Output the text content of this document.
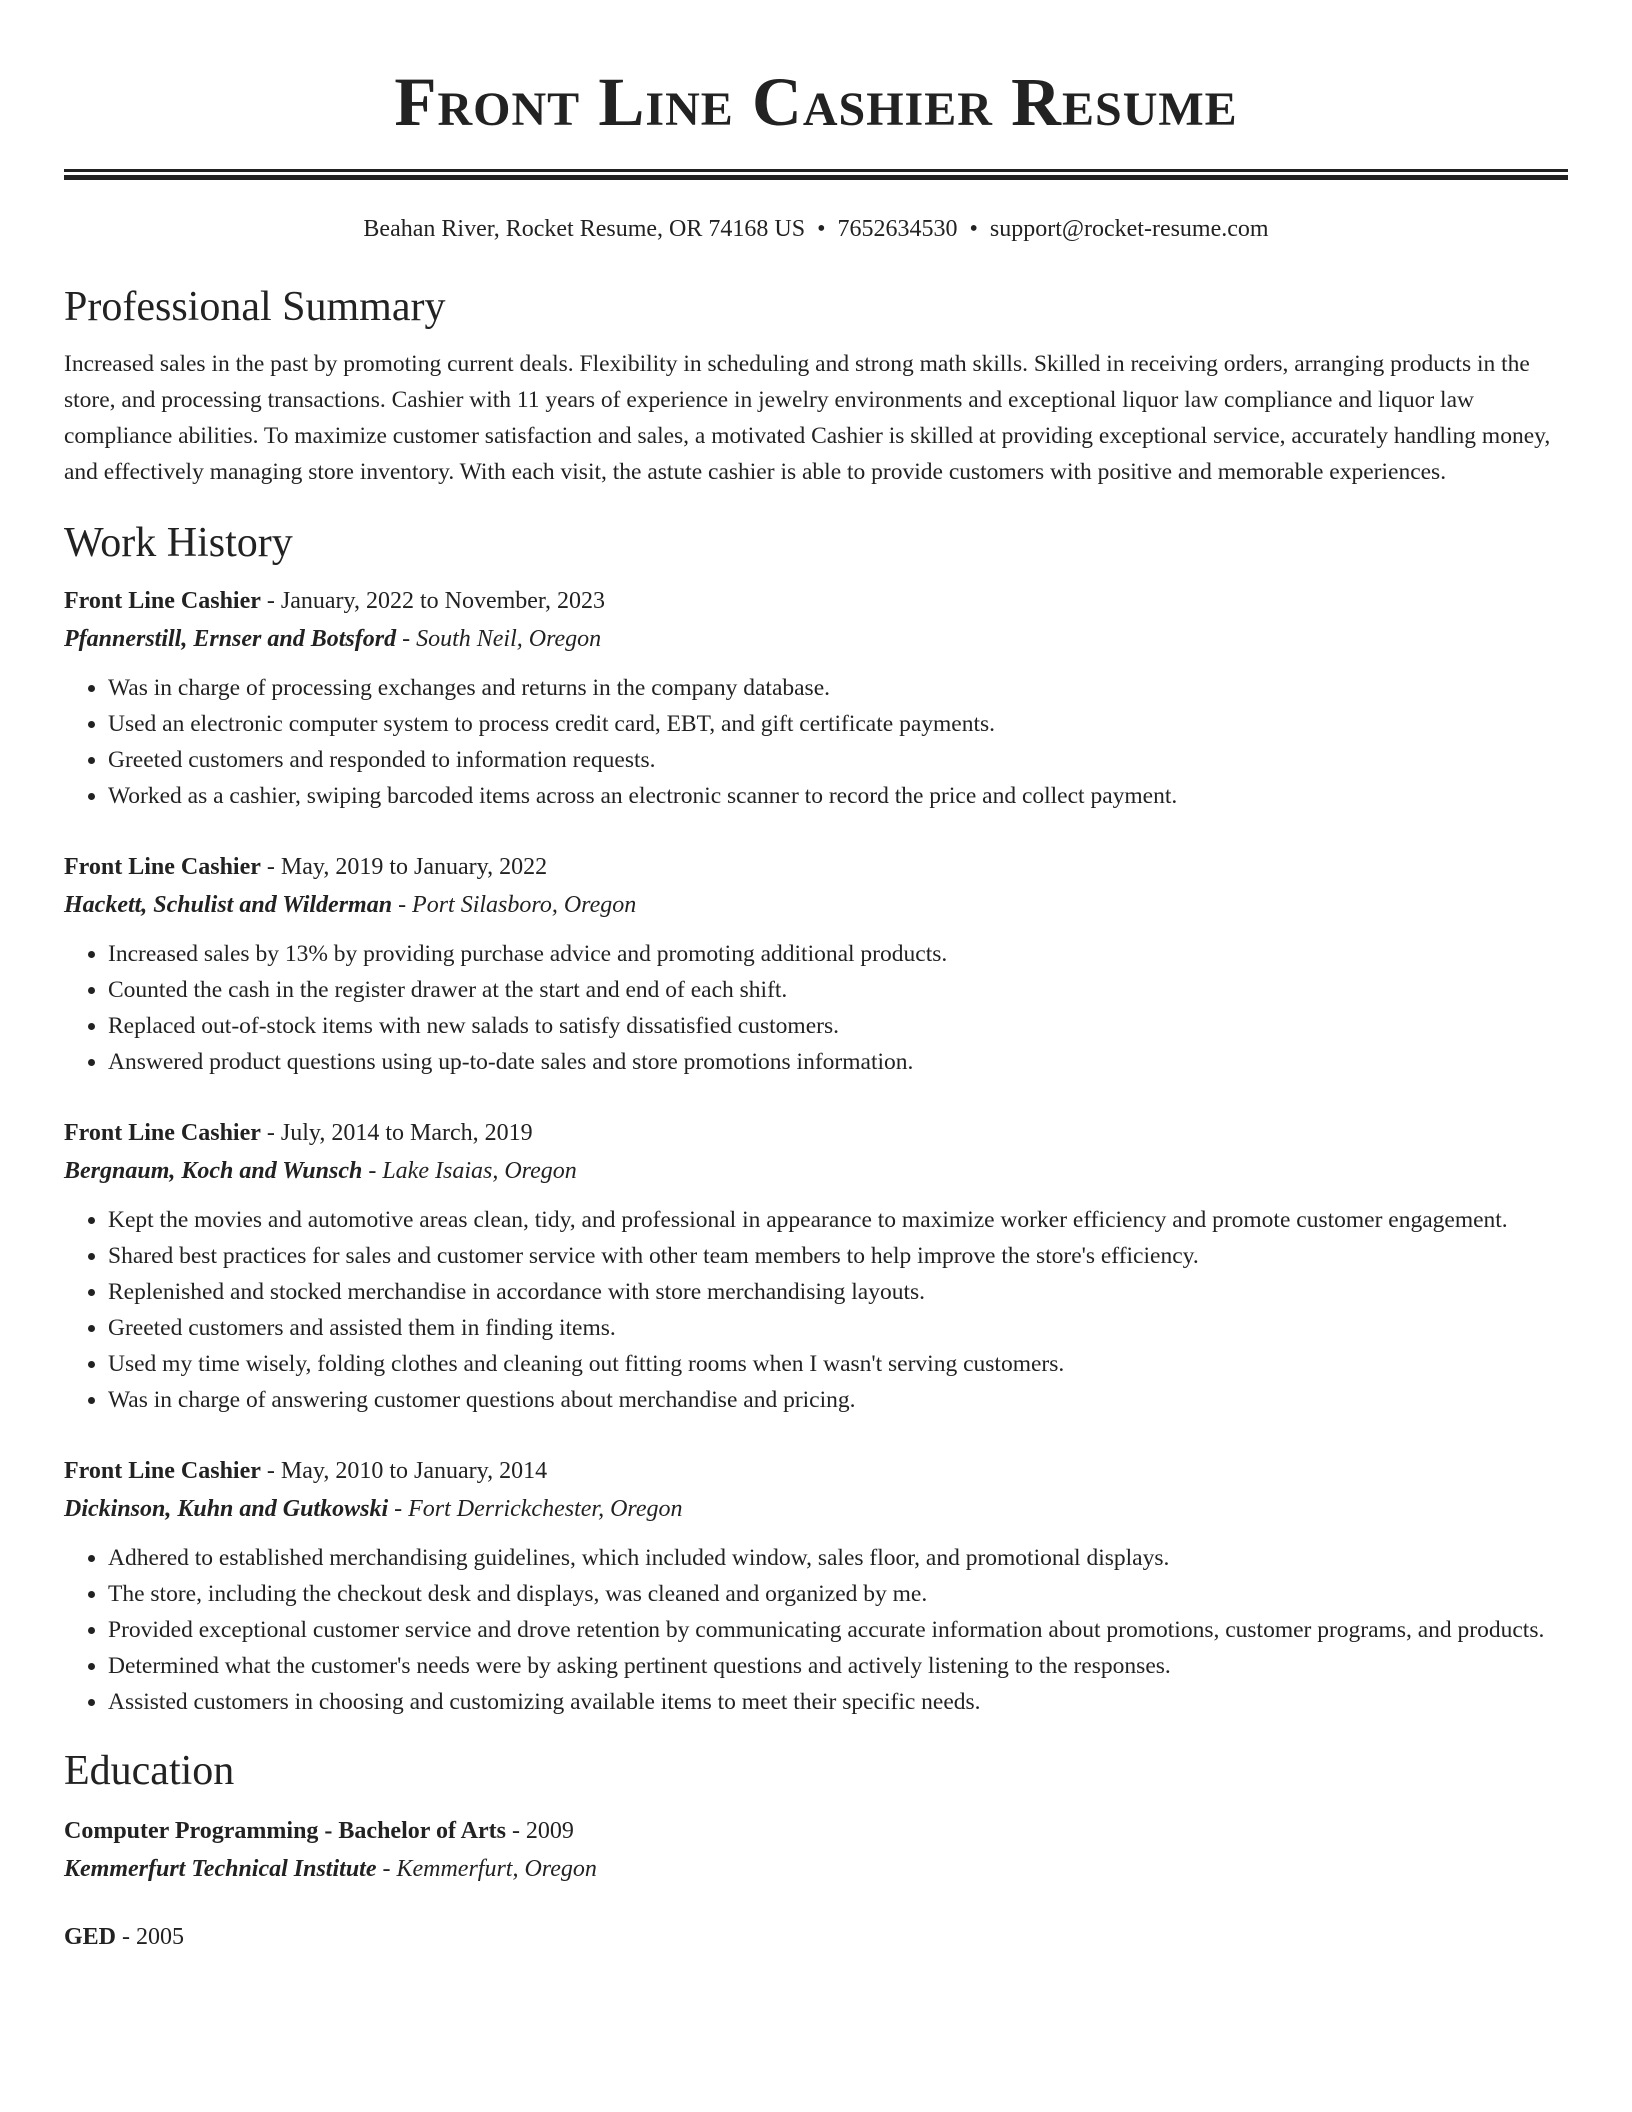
Front Line Cashier Resume
Beahan River, Rocket Resume, OR 74168 US • 7652634530 • support@rocket-resume.com
Professional Summary

Increased sales in the past by promoting current deals. Flexibility in scheduling and strong math skills. Skilled in receiving orders, arranging products in the store, and processing transactions. Cashier with 11 years of experience in jewelry environments and exceptional liquor law compliance and liquor law compliance abilities. To maximize customer satisfaction and sales, a motivated Cashier is skilled at providing exceptional service, accurately handling money, and effectively managing store inventory. With each visit, the astute cashier is able to provide customers with positive and memorable experiences.

Work History
Front Line Cashier - January, 2022 to November, 2023
Pfannerstill, Ernser and Botsford - South Neil, Oregon
• Was in charge of processing exchanges and returns in the company database.
• Used an electronic computer system to process credit card, EBT, and gift certificate payments.
• Greeted customers and responded to information requests.
• Worked as a cashier, swiping barcoded items across an electronic scanner to record the price and collect payment.
Front Line Cashier - May, 2019 to January, 2022
Hackett, Schulist and Wilderman - Port Silasboro, Oregon
• Increased sales by 13% by providing purchase advice and promoting additional products.
• Counted the cash in the register drawer at the start and end of each shift.
• Replaced out-of-stock items with new salads to satisfy dissatisfied customers.
• Answered product questions using up-to-date sales and store promotions information.
Front Line Cashier - July, 2014 to March, 2019
Bergnaum, Koch and Wunsch - Lake Isaias, Oregon
• Kept the movies and automotive areas clean, tidy, and professional in appearance to maximize worker efficiency and promote customer engagement.
• Shared best practices for sales and customer service with other team members to help improve the store's efficiency.
• Replenished and stocked merchandise in accordance with store merchandising layouts.
• Greeted customers and assisted them in finding items.
• Used my time wisely, folding clothes and cleaning out fitting rooms when I wasn't serving customers.
• Was in charge of answering customer questions about merchandise and pricing.
Front Line Cashier - May, 2010 to January, 2014
Dickinson, Kuhn and Gutkowski - Fort Derrickchester, Oregon
• Adhered to established merchandising guidelines, which included window, sales floor, and promotional displays.
• The store, including the checkout desk and displays, was cleaned and organized by me.
• Provided exceptional customer service and drove retention by communicating accurate information about promotions, customer programs, and products.
• Determined what the customer's needs were by asking pertinent questions and actively listening to the responses.
• Assisted customers in choosing and customizing available items to meet their specific needs.
Education
Computer Programming - Bachelor of Arts - 2009
Kemmerfurt Technical Institute - Kemmerfurt, Oregon
GED - 2005
